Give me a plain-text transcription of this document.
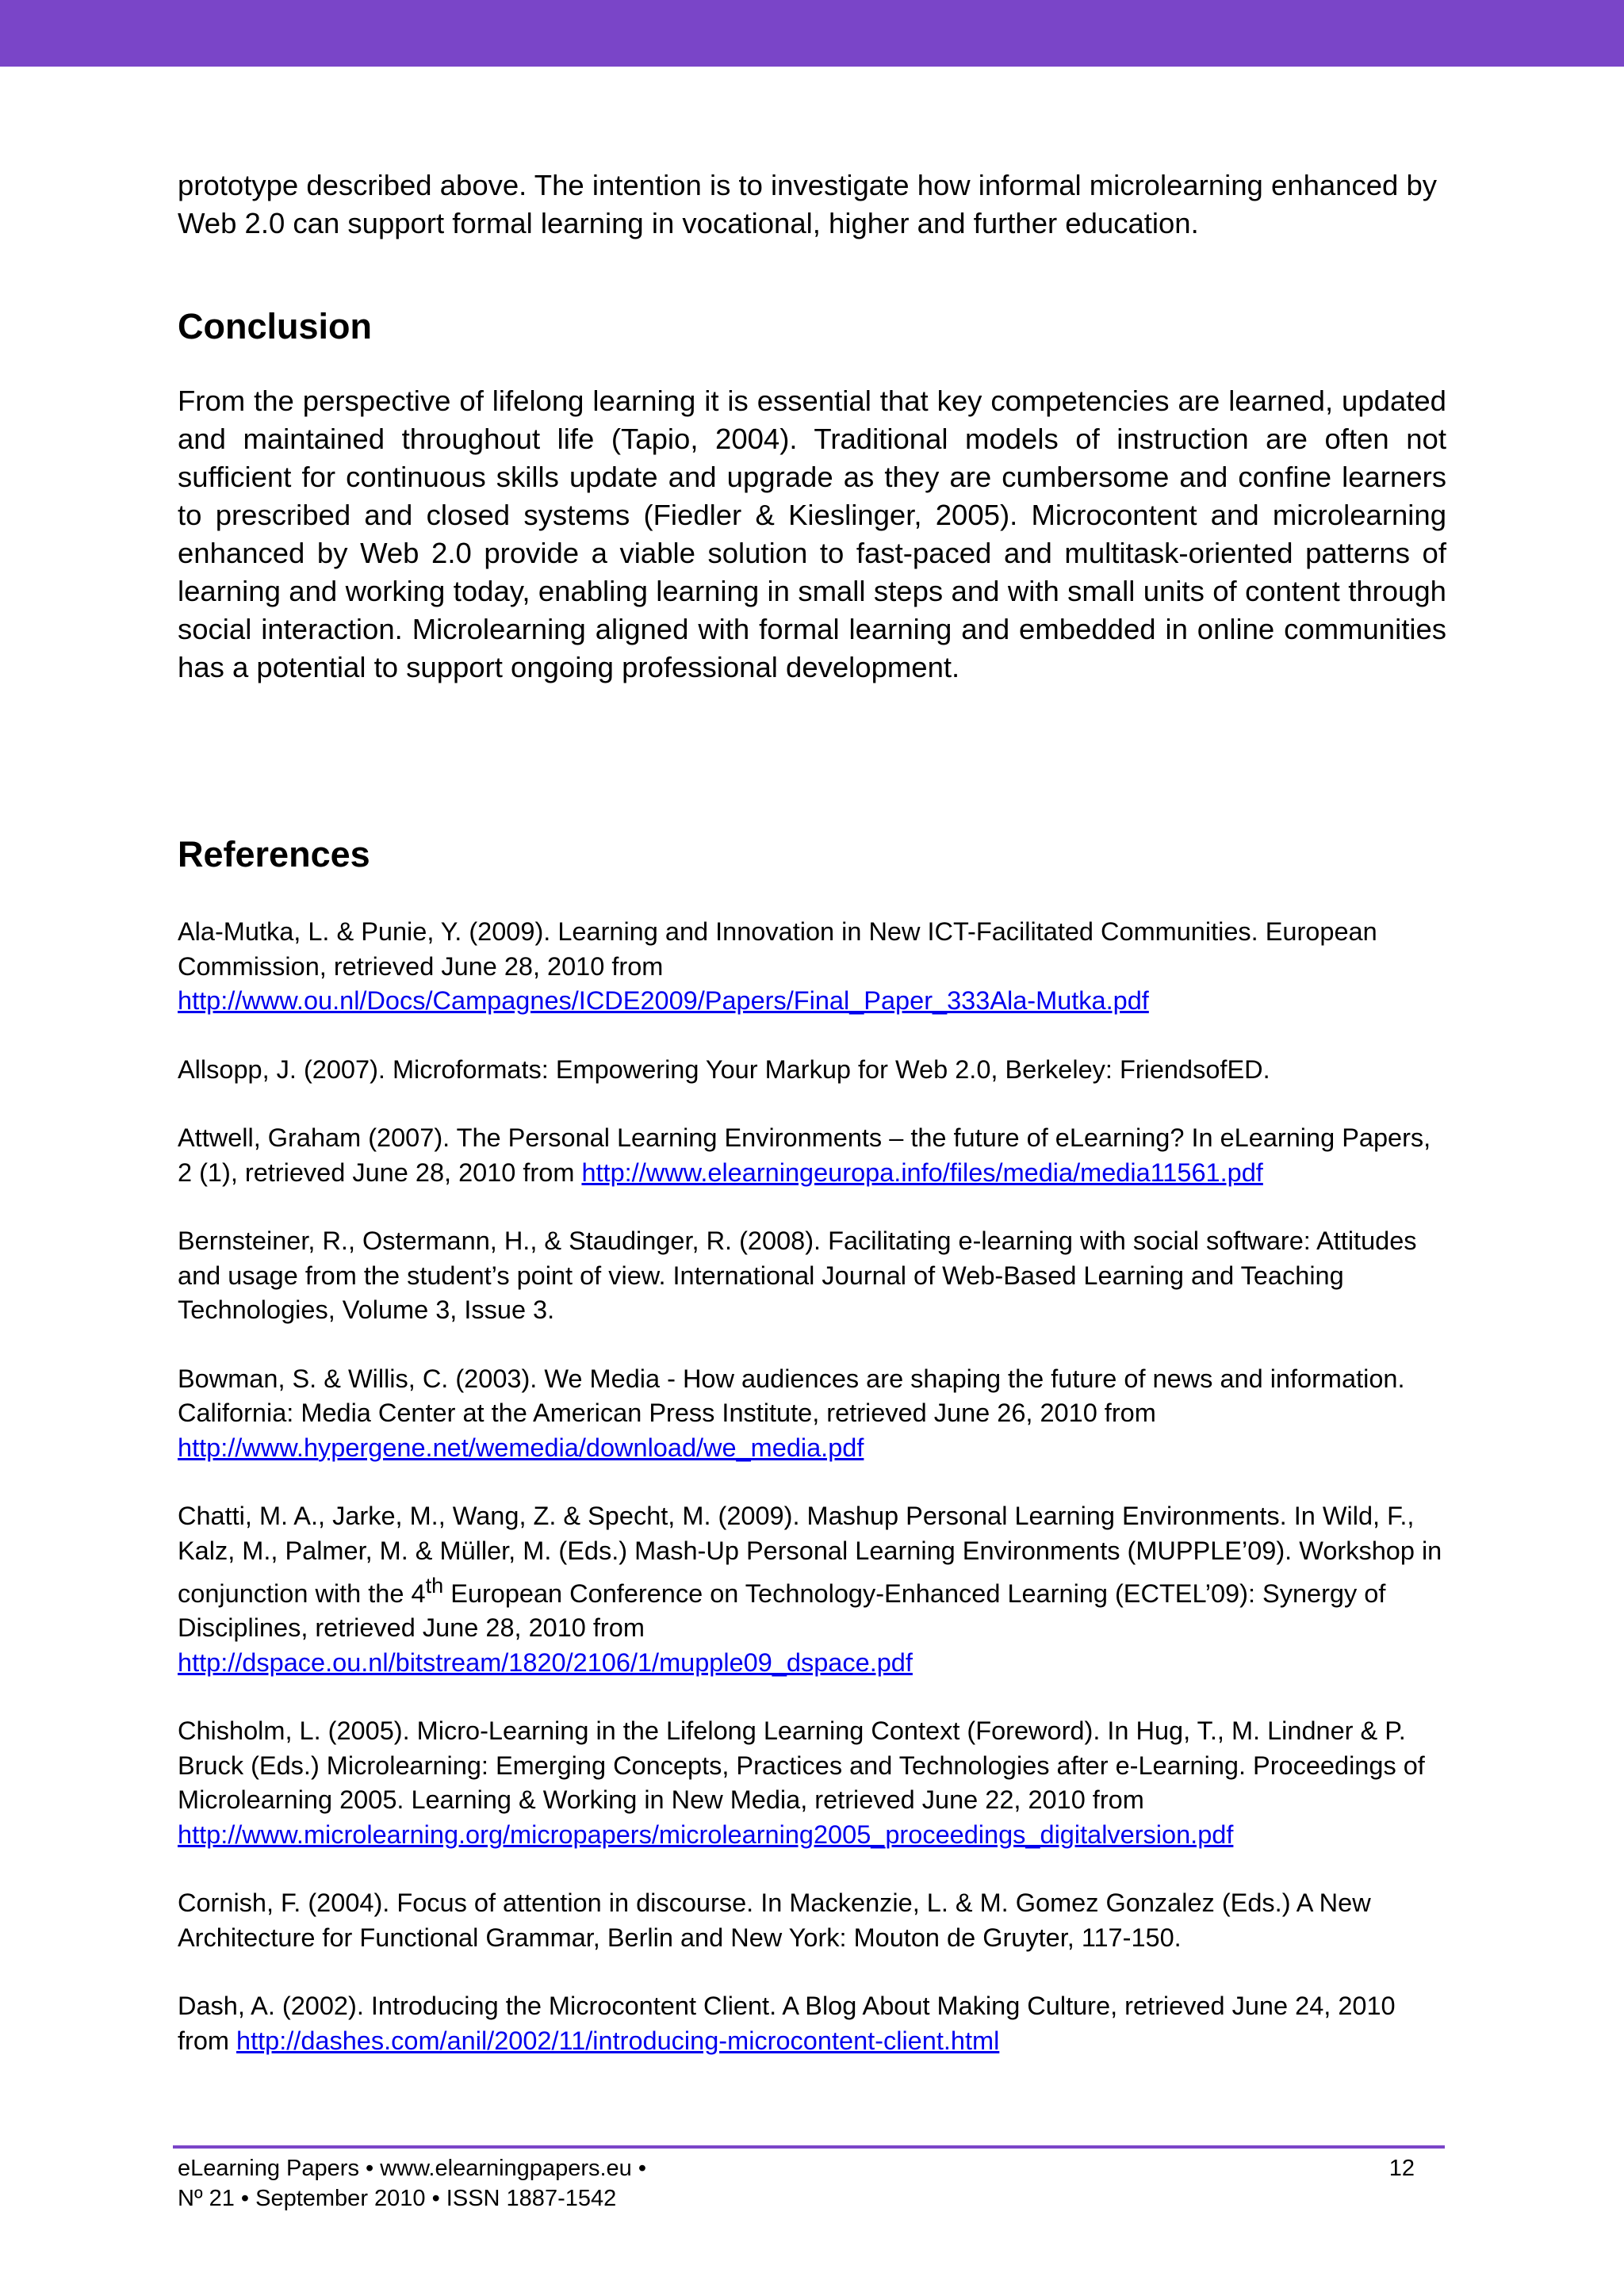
prototype described above. The intention is to investigate how informal microlearning enhanced by Web 2.0 can support formal learning in vocational, higher and further education.

Conclusion

From the perspective of lifelong learning it is essential that key competencies are learned, updated and maintained throughout life (Tapio, 2004). Traditional models of instruction are often not sufficient for continuous skills update and upgrade as they are cumbersome and confine learners to prescribed and closed systems (Fiedler & Kieslinger, 2005). Microcontent and microlearning enhanced by Web 2.0 provide a viable solution to fast-paced and multitask-oriented patterns of learning and working today, enabling learning in small steps and with small units of content through social interaction. Microlearning aligned with formal learning and embedded in online communities has a potential to support ongoing professional development.

References

Ala-Mutka, L. & Punie, Y. (2009). Learning and Innovation in New ICT-Facilitated Communities. European Commission, retrieved June 28, 2010 from
http://www.ou.nl/Docs/Campagnes/ICDE2009/Papers/Final_Paper_333Ala-Mutka.pdf

Allsopp, J. (2007). Microformats: Empowering Your Markup for Web 2.0, Berkeley: FriendsofED.

Attwell, Graham (2007). The Personal Learning Environments – the future of eLearning? In eLearning Papers, 2 (1), retrieved June 28, 2010 from http://www.elearningeuropa.info/files/media/media11561.pdf

Bernsteiner, R., Ostermann, H., & Staudinger, R. (2008). Facilitating e-learning with social software: Attitudes and usage from the student’s point of view. International Journal of Web-Based Learning and Teaching Technologies, Volume 3, Issue 3.

Bowman, S. & Willis, C. (2003). We Media - How audiences are shaping the future of news and information. California: Media Center at the American Press Institute, retrieved June 26, 2010 from
http://www.hypergene.net/wemedia/download/we_media.pdf

Chatti, M. A., Jarke, M., Wang, Z. & Specht, M. (2009). Mashup Personal Learning Environments. In Wild, F., Kalz, M., Palmer, M. & Müller, M. (Eds.) Mash-Up Personal Learning Environments (MUPPLE’09). Workshop in conjunction with the 4th European Conference on Technology-Enhanced Learning (ECTEL’09): Synergy of Disciplines, retrieved June 28, 2010 from
http://dspace.ou.nl/bitstream/1820/2106/1/mupple09_dspace.pdf

Chisholm, L. (2005). Micro-Learning in the Lifelong Learning Context (Foreword). In Hug, T., M. Lindner & P. Bruck (Eds.) Microlearning: Emerging Concepts, Practices and Technologies after e-Learning. Proceedings of Microlearning 2005. Learning & Working in New Media, retrieved June 22, 2010 from
http://www.microlearning.org/micropapers/microlearning2005_proceedings_digitalversion.pdf

Cornish, F. (2004). Focus of attention in discourse. In Mackenzie, L. & M. Gomez Gonzalez (Eds.) A New Architecture for Functional Grammar, Berlin and New York: Mouton de Gruyter, 117-150.

Dash, A. (2002). Introducing the Microcontent Client. A Blog About Making Culture, retrieved June 24, 2010 from http://dashes.com/anil/2002/11/introducing-microcontent-client.html

eLearning Papers • www.elearningpapers.eu •
Nº 21 • September 2010 • ISSN 1887-1542
12
